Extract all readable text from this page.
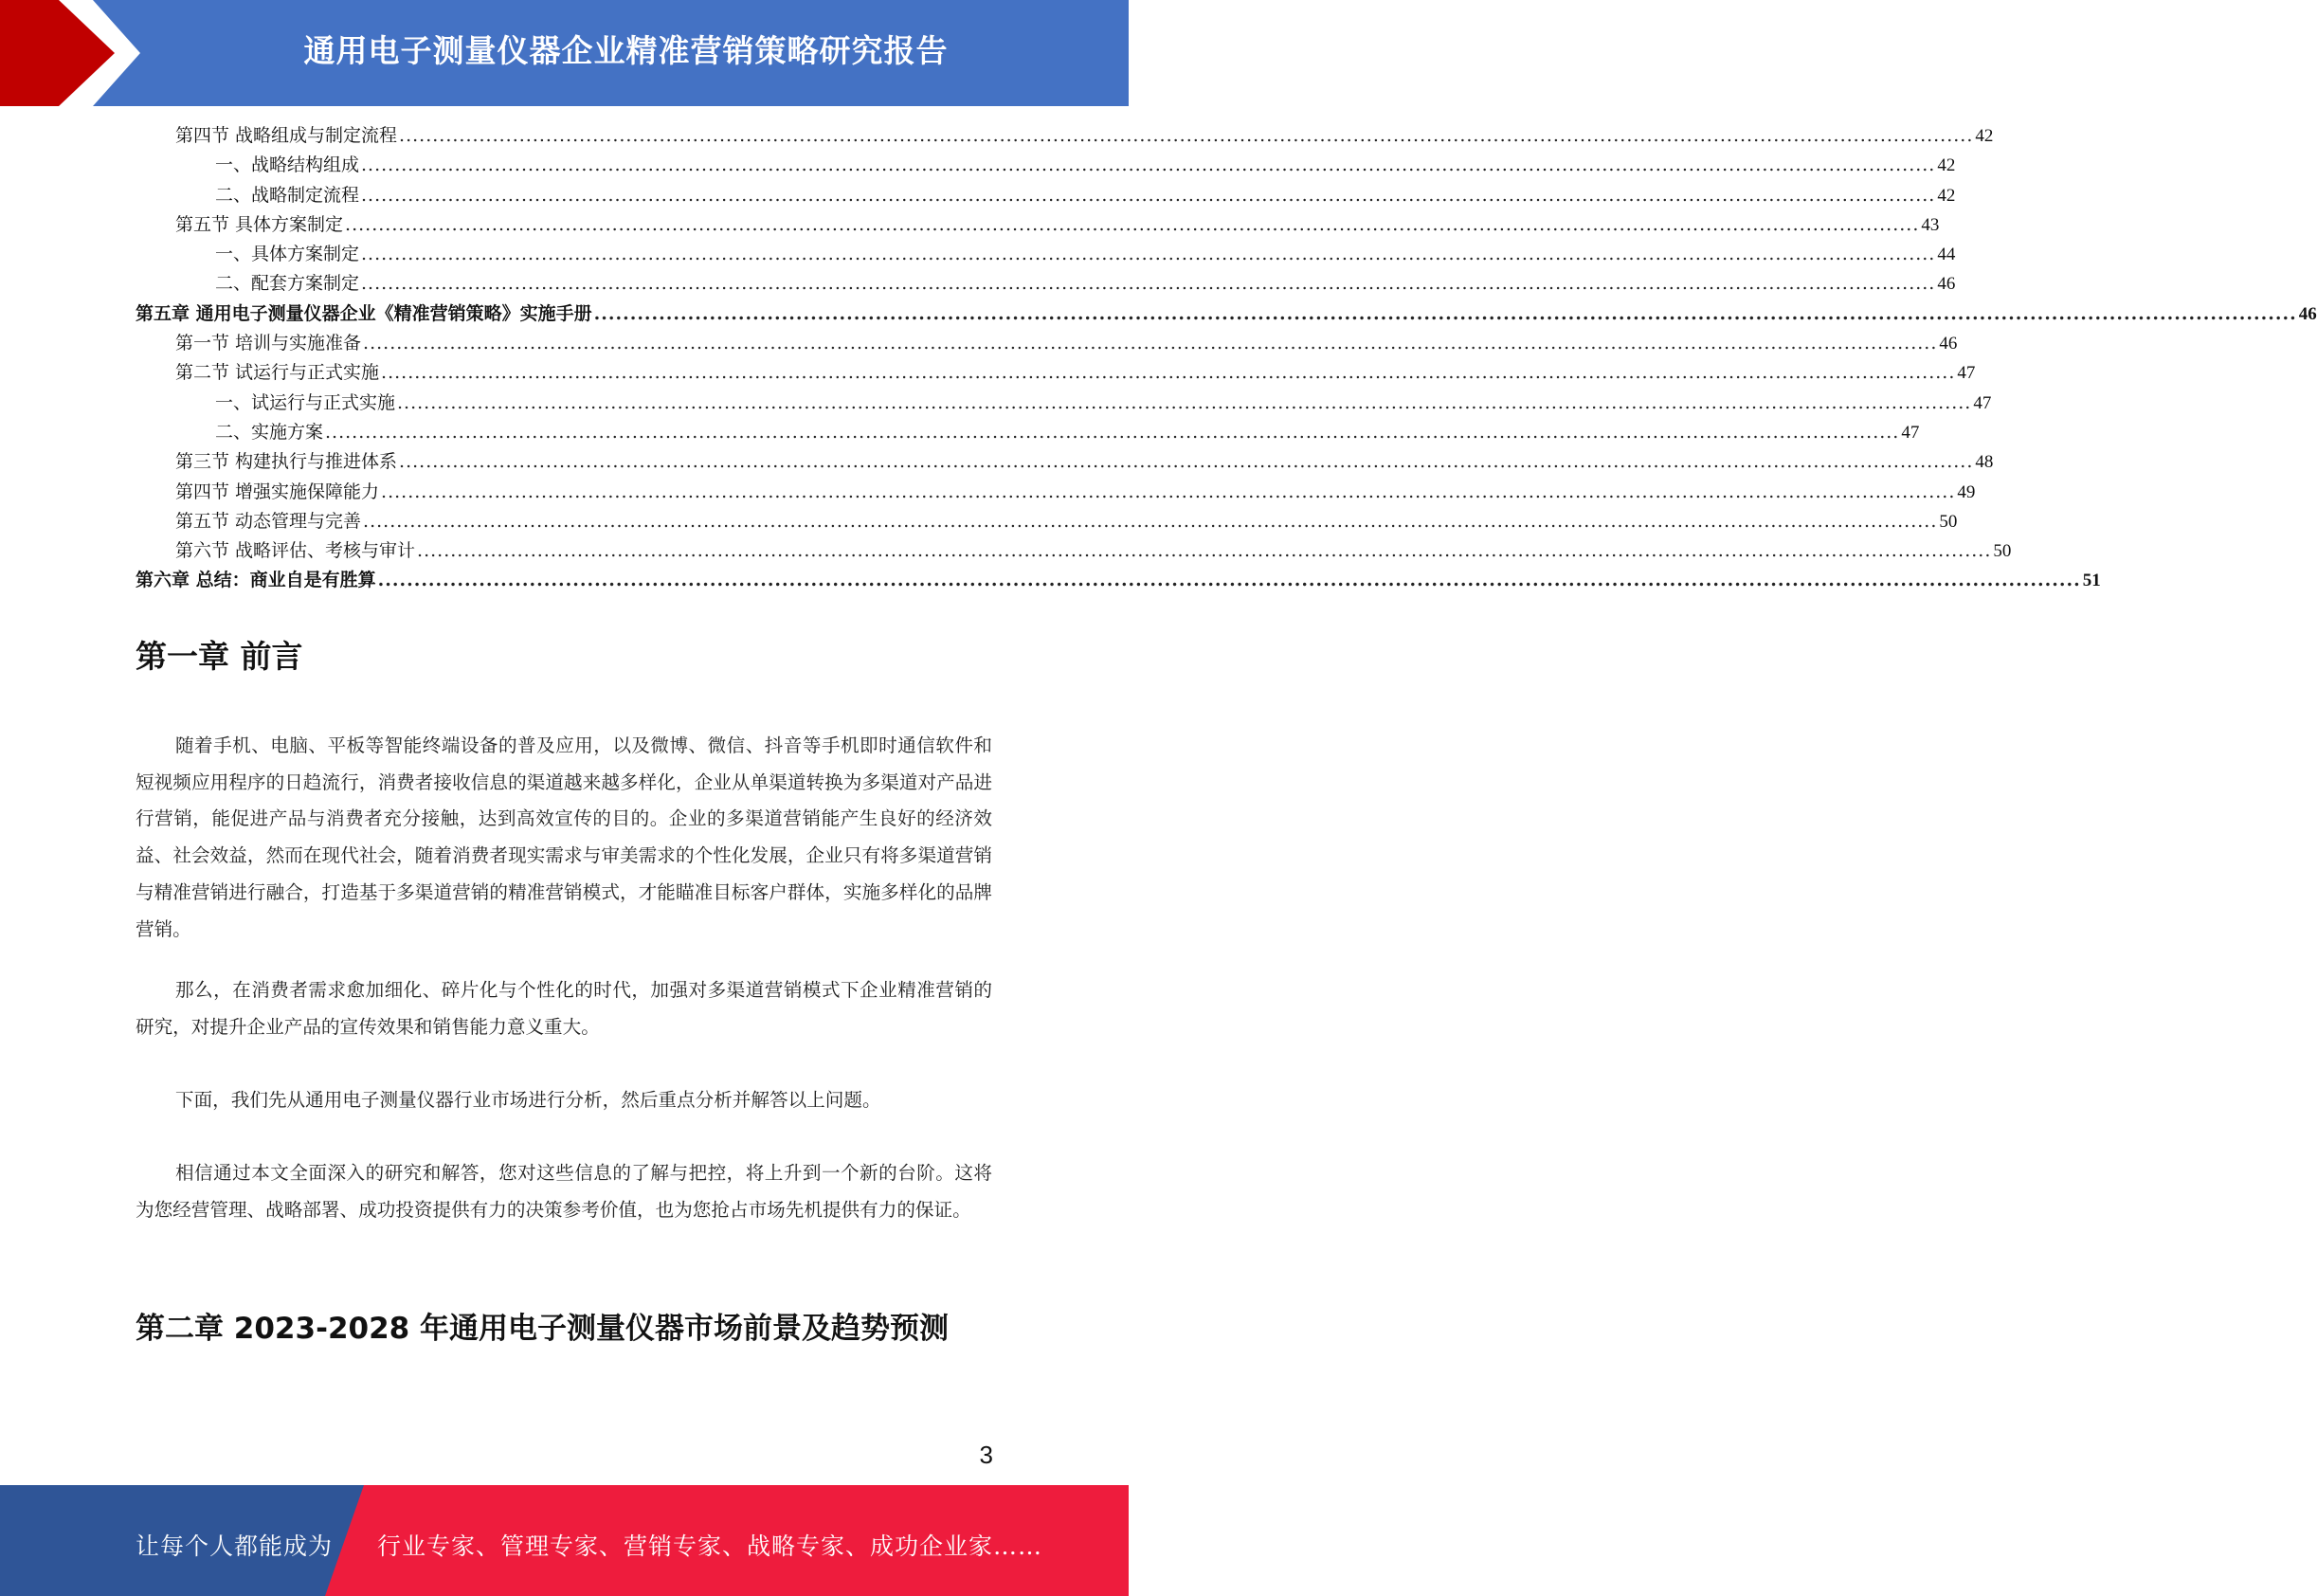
通用电子测量仪器企业精准营销策略研究报告
第四节 战略组成与制定流程 ............................................................................................................................................................................................................................................ 42
一、战略结构组成 ............................................................................................................................................................................................................................................ 42
二、战略制定流程 ............................................................................................................................................................................................................................................ 42
第五节 具体方案制定 ............................................................................................................................................................................................................................................ 43
一、具体方案制定 ............................................................................................................................................................................................................................................ 44
二、配套方案制定 ............................................................................................................................................................................................................................................ 46
第五章 通用电子测量仪器企业《精准营销策略》实施手册 ............................................................................................................................................................................................................................................ 46
第一节 培训与实施准备 ............................................................................................................................................................................................................................................ 46
第二节 试运行与正式实施 ............................................................................................................................................................................................................................................ 47
一、试运行与正式实施 ............................................................................................................................................................................................................................................ 47
二、实施方案 ............................................................................................................................................................................................................................................ 47
第三节 构建执行与推进体系 ............................................................................................................................................................................................................................................ 48
第四节 增强实施保障能力 ............................................................................................................................................................................................................................................ 49
第五节 动态管理与完善 ............................................................................................................................................................................................................................................ 50
第六节 战略评估、考核与审计 ............................................................................................................................................................................................................................................ 50
第六章 总结：商业自是有胜算 ............................................................................................................................................................................................................................................ 51
第一章 前言

随着手机、电脑、平板等智能终端设备的普及应用，以及微博、微信、抖音等手机即时通信软件和短视频应用程序的日趋流行，消费者接收信息的渠道越来越多样化，企业从单渠道转换为多渠道对产品进行营销，能促进产品与消费者充分接触，达到高效宣传的目的。企业的多渠道营销能产生良好的经济效益、社会效益，然而在现代社会，随着消费者现实需求与审美需求的个性化发展，企业只有将多渠道营销与精准营销进行融合，打造基于多渠道营销的精准营销模式，才能瞄准目标客户群体，实施多样化的品牌营销。

那么，在消费者需求愈加细化、碎片化与个性化的时代，加强对多渠道营销模式下企业精准营销的研究，对提升企业产品的宣传效果和销售能力意义重大。

下面，我们先从通用电子测量仪器行业市场进行分析，然后重点分析并解答以上问题。

相信通过本文全面深入的研究和解答，您对这些信息的了解与把控，将上升到一个新的台阶。这将为您经营管理、战略部署、成功投资提供有力的决策参考价值，也为您抢占市场先机提供有力的保证。

第二章 2023-2028 年通用电子测量仪器市场前景及趋势预测
3
让每个人都能成为 行业专家、管理专家、营销专家、战略专家、成功企业家……
